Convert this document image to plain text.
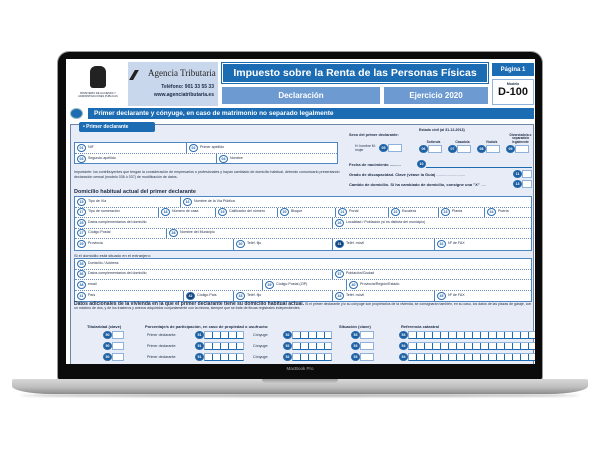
MINISTERIO DE HACIENDA Y ADMINISTRACIONES PÚBLICAS
Agencia Tributaria
Teléfono: 901 33 55 33
www.agenciatributaria.es
Impuesto sobre la Renta de las Personas Físicas	Página 1
Declaración	Ejercicio 2020
Modelo
D-100
Primer declarante y cónyuge, en caso de matrimonio no separado legalmente
• Primer declarante
01	NIF	02	Primer apellido
03	Segundo apellido	04	Nombre
Sexo del primer declarante:
H: hombre M: mujer	05
Estado civil (al 31-12-2013)
Soltero/a
06
Casado/a
07
Viudo/a
08
Divorciado/a o separado/a legalmente
09
Fecha de nacimiento ..........	10
Grado de discapacidad. Clave (véase la Guía) ..........................	11
Cambio de domicilio. Si ha cambiado de domicilio, consigne una "X" .....	13
Importante: los contribuyentes que tengan la consideración de empresarios o profesionales y hayan cambiado de domicilio habitual, deberán comunicarlo presentando declaración censal (modelo 036 ó 037) de modificación de datos.
Domicilio habitual actual del primer declarante
15	Tipo de Vía	16	Nombre de la Vía Pública
17	Tipo de numeración	18	Número de casa	19	Calificador del número	20	Bloque	21	Portal	22	Escalera	23	Planta	24	Puerta
25	Datos complementarios del domicilio	26	Localidad / Población (si es distinta del municipio)
27	Código Postal	28	Nombre del Municipio
29	Provincia	30	Teléf. fijo	31	Teléf. móvil	32	Nº de FAX
Si el domicilio está situado en el extranjero:
35	Domicilio / Address
36	Datos complementarios del domicilio	37	Población/Ciudad
38	email	39	Código Postal (ZIP)	40	Provincia/Región/Estado
41	País	42	Código País	43	Teléf. fijo	44	Teléf. móvil	45	Nº de FAX
Datos adicionales de la vivienda en la que el primer declarante tiene su domicilio habitual actual. Si el primer declarante y/o su cónyuge son propietarios de la vivienda, se consignarán también, en su caso, los datos de las plazas de garaje, con un máximo de dos, y de los trasteros y anexos adquiridos conjuntamente con la misma, siempre que se trate de fincas registrales independientes.
Titularidad (clave)	Porcentaje/s de participación, en caso de propiedad o usufructo:	Situación (clave)	Referencia catastral
50	Primer declarante:	51	Cónyuge:	52	53	54
50	Primer declarante:	51	Cónyuge:	52	53	54
50	Primer declarante:	51	Cónyuge:	52	53	54
MacBook Pro
